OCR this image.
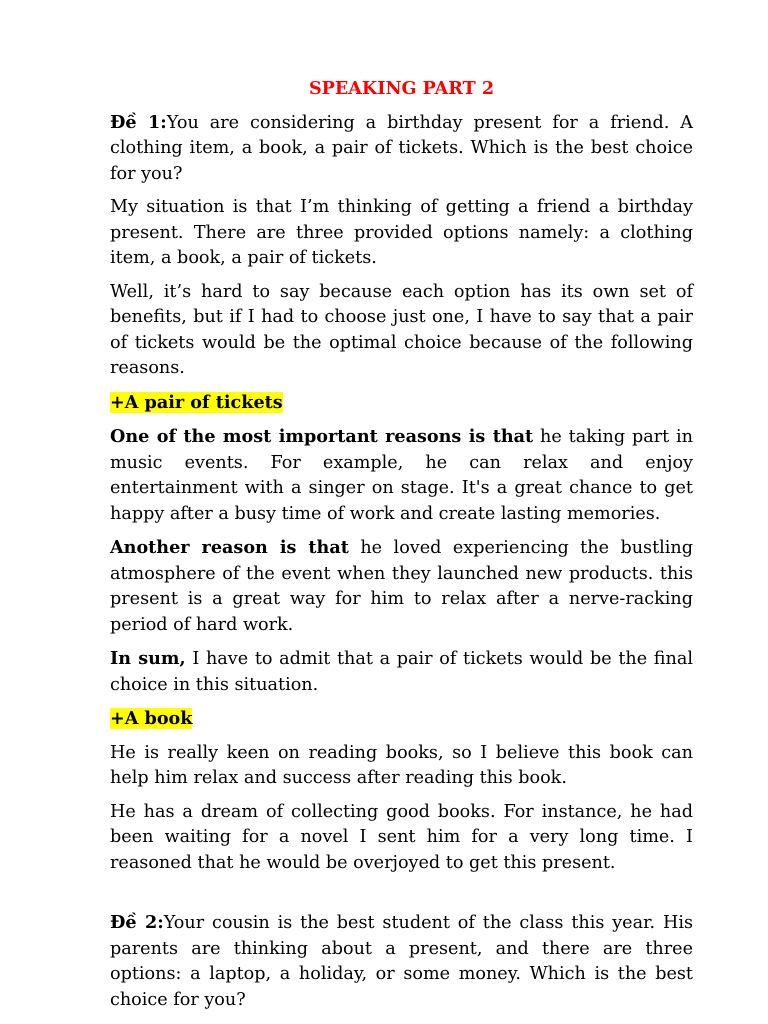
SPEAKING PART 2

Đề 1:You are considering a birthday present for a friend. A clothing item, a book, a pair of tickets. Which is the best choice for you?

My situation is that I’m thinking of getting a friend a birthday present. There are three provided options namely: a clothing item, a book, a pair of tickets.

Well, it’s hard to say because each option has its own set of benefits, but if I had to choose just one, I have to say that a pair of tickets would be the optimal choice because of the following reasons.

+A pair of tickets

One of the most important reasons is that he taking part in music events. For example, he can relax and enjoy entertainment with a singer on stage. It's a great chance to get happy after a busy time of work and create lasting memories.

Another reason is that he loved experiencing the bustling atmosphere of the event when they launched new products. this present is a great way for him to relax after a nerve-racking period of hard work.

In sum, I have to admit that a pair of tickets would be the final choice in this situation.

+A book

He is really keen on reading books, so I believe this book can help him relax and success after reading this book.

He has a dream of collecting good books. For instance, he had been waiting for a novel I sent him for a very long time. I reasoned that he would be overjoyed to get this present.

Đề 2:Your cousin is the best student of the class this year. His parents are thinking about a present, and there are three options: a laptop, a holiday, or some money. Which is the best choice for you?
